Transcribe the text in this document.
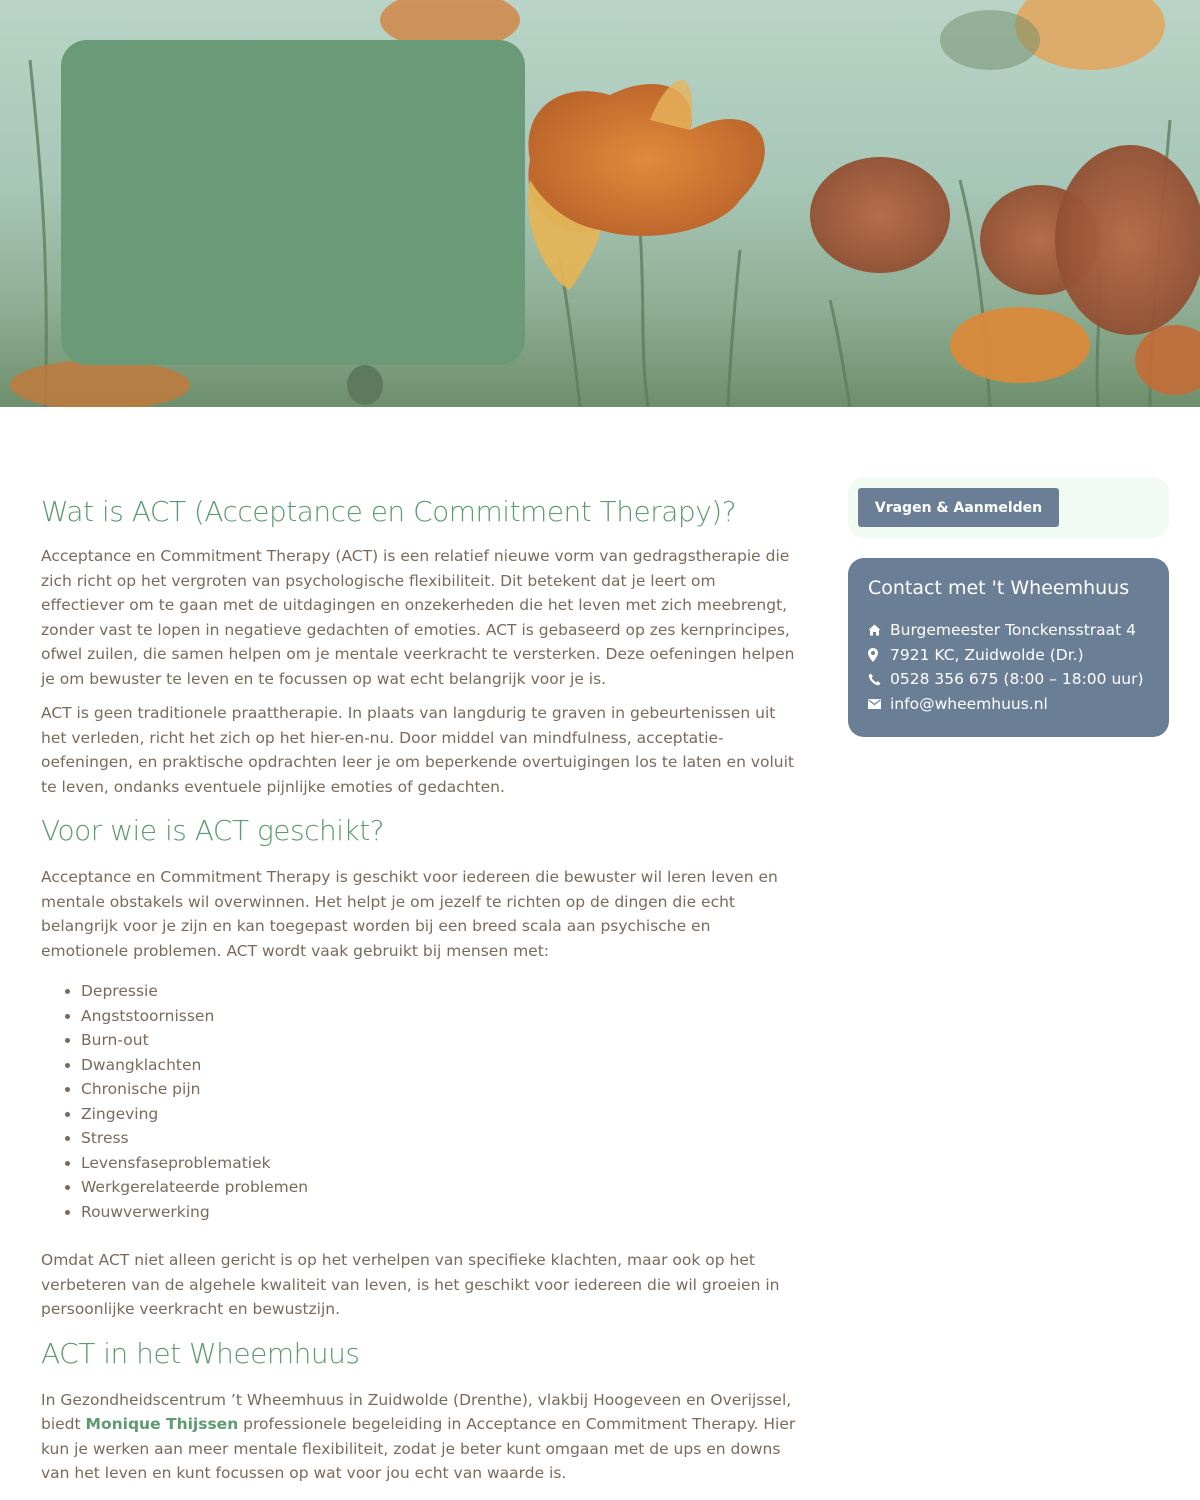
Wat is ACT (Acceptance en Commitment Therapy)?

Acceptance en Commitment Therapy (ACT) is een relatief nieuwe vorm van gedragstherapie die zich richt op het vergroten van psychologische flexibiliteit. Dit betekent dat je leert om effectiever om te gaan met de uitdagingen en onzekerheden die het leven met zich meebrengt, zonder vast te lopen in negatieve gedachten of emoties. ACT is gebaseerd op zes kernprincipes, ofwel zuilen, die samen helpen om je mentale veerkracht te versterken. Deze oefeningen helpen je om bewuster te leven en te focussen op wat echt belangrijk voor je is.

ACT is geen traditionele praattherapie. In plaats van langdurig te graven in gebeurtenissen uit het verleden, richt het zich op het hier-en-nu. Door middel van mindfulness, acceptatie-oefeningen, en praktische opdrachten leer je om beperkende overtuigingen los te laten en voluit te leven, ondanks eventuele pijnlijke emoties of gedachten.

Voor wie is ACT geschikt?

Acceptance en Commitment Therapy is geschikt voor iedereen die bewuster wil leren leven en mentale obstakels wil overwinnen. Het helpt je om jezelf te richten op de dingen die echt belangrijk voor je zijn en kan toegepast worden bij een breed scala aan psychische en emotionele problemen. ACT wordt vaak gebruikt bij mensen met:

• Depressie
• Angststoornissen
• Burn-out
• Dwangklachten
• Chronische pijn
• Zingeving
• Stress
• Levensfaseproblematiek
• Werkgerelateerde problemen
• Rouwverwerking

Omdat ACT niet alleen gericht is op het verhelpen van specifieke klachten, maar ook op het verbeteren van de algehele kwaliteit van leven, is het geschikt voor iedereen die wil groeien in persoonlijke veerkracht en bewustzijn.

ACT in het Wheemhuus

In Gezondheidscentrum ’t Wheemhuus in Zuidwolde (Drenthe), vlakbij Hoogeveen en Overijssel, biedt Monique Thijssen professionele begeleiding in Acceptance en Commitment Therapy. Hier kun je werken aan meer mentale flexibiliteit, zodat je beter kunt omgaan met de ups en downs van het leven en kunt focussen op wat voor jou echt van waarde is.

Vragen & Aanmelden
Contact met 't Wheemhuus
Burgemeester Tonckensstraat 4
7921 KC, Zuidwolde (Dr.)
0528 356 675 (8:00 – 18:00 uur)
info@wheemhuus.nl
